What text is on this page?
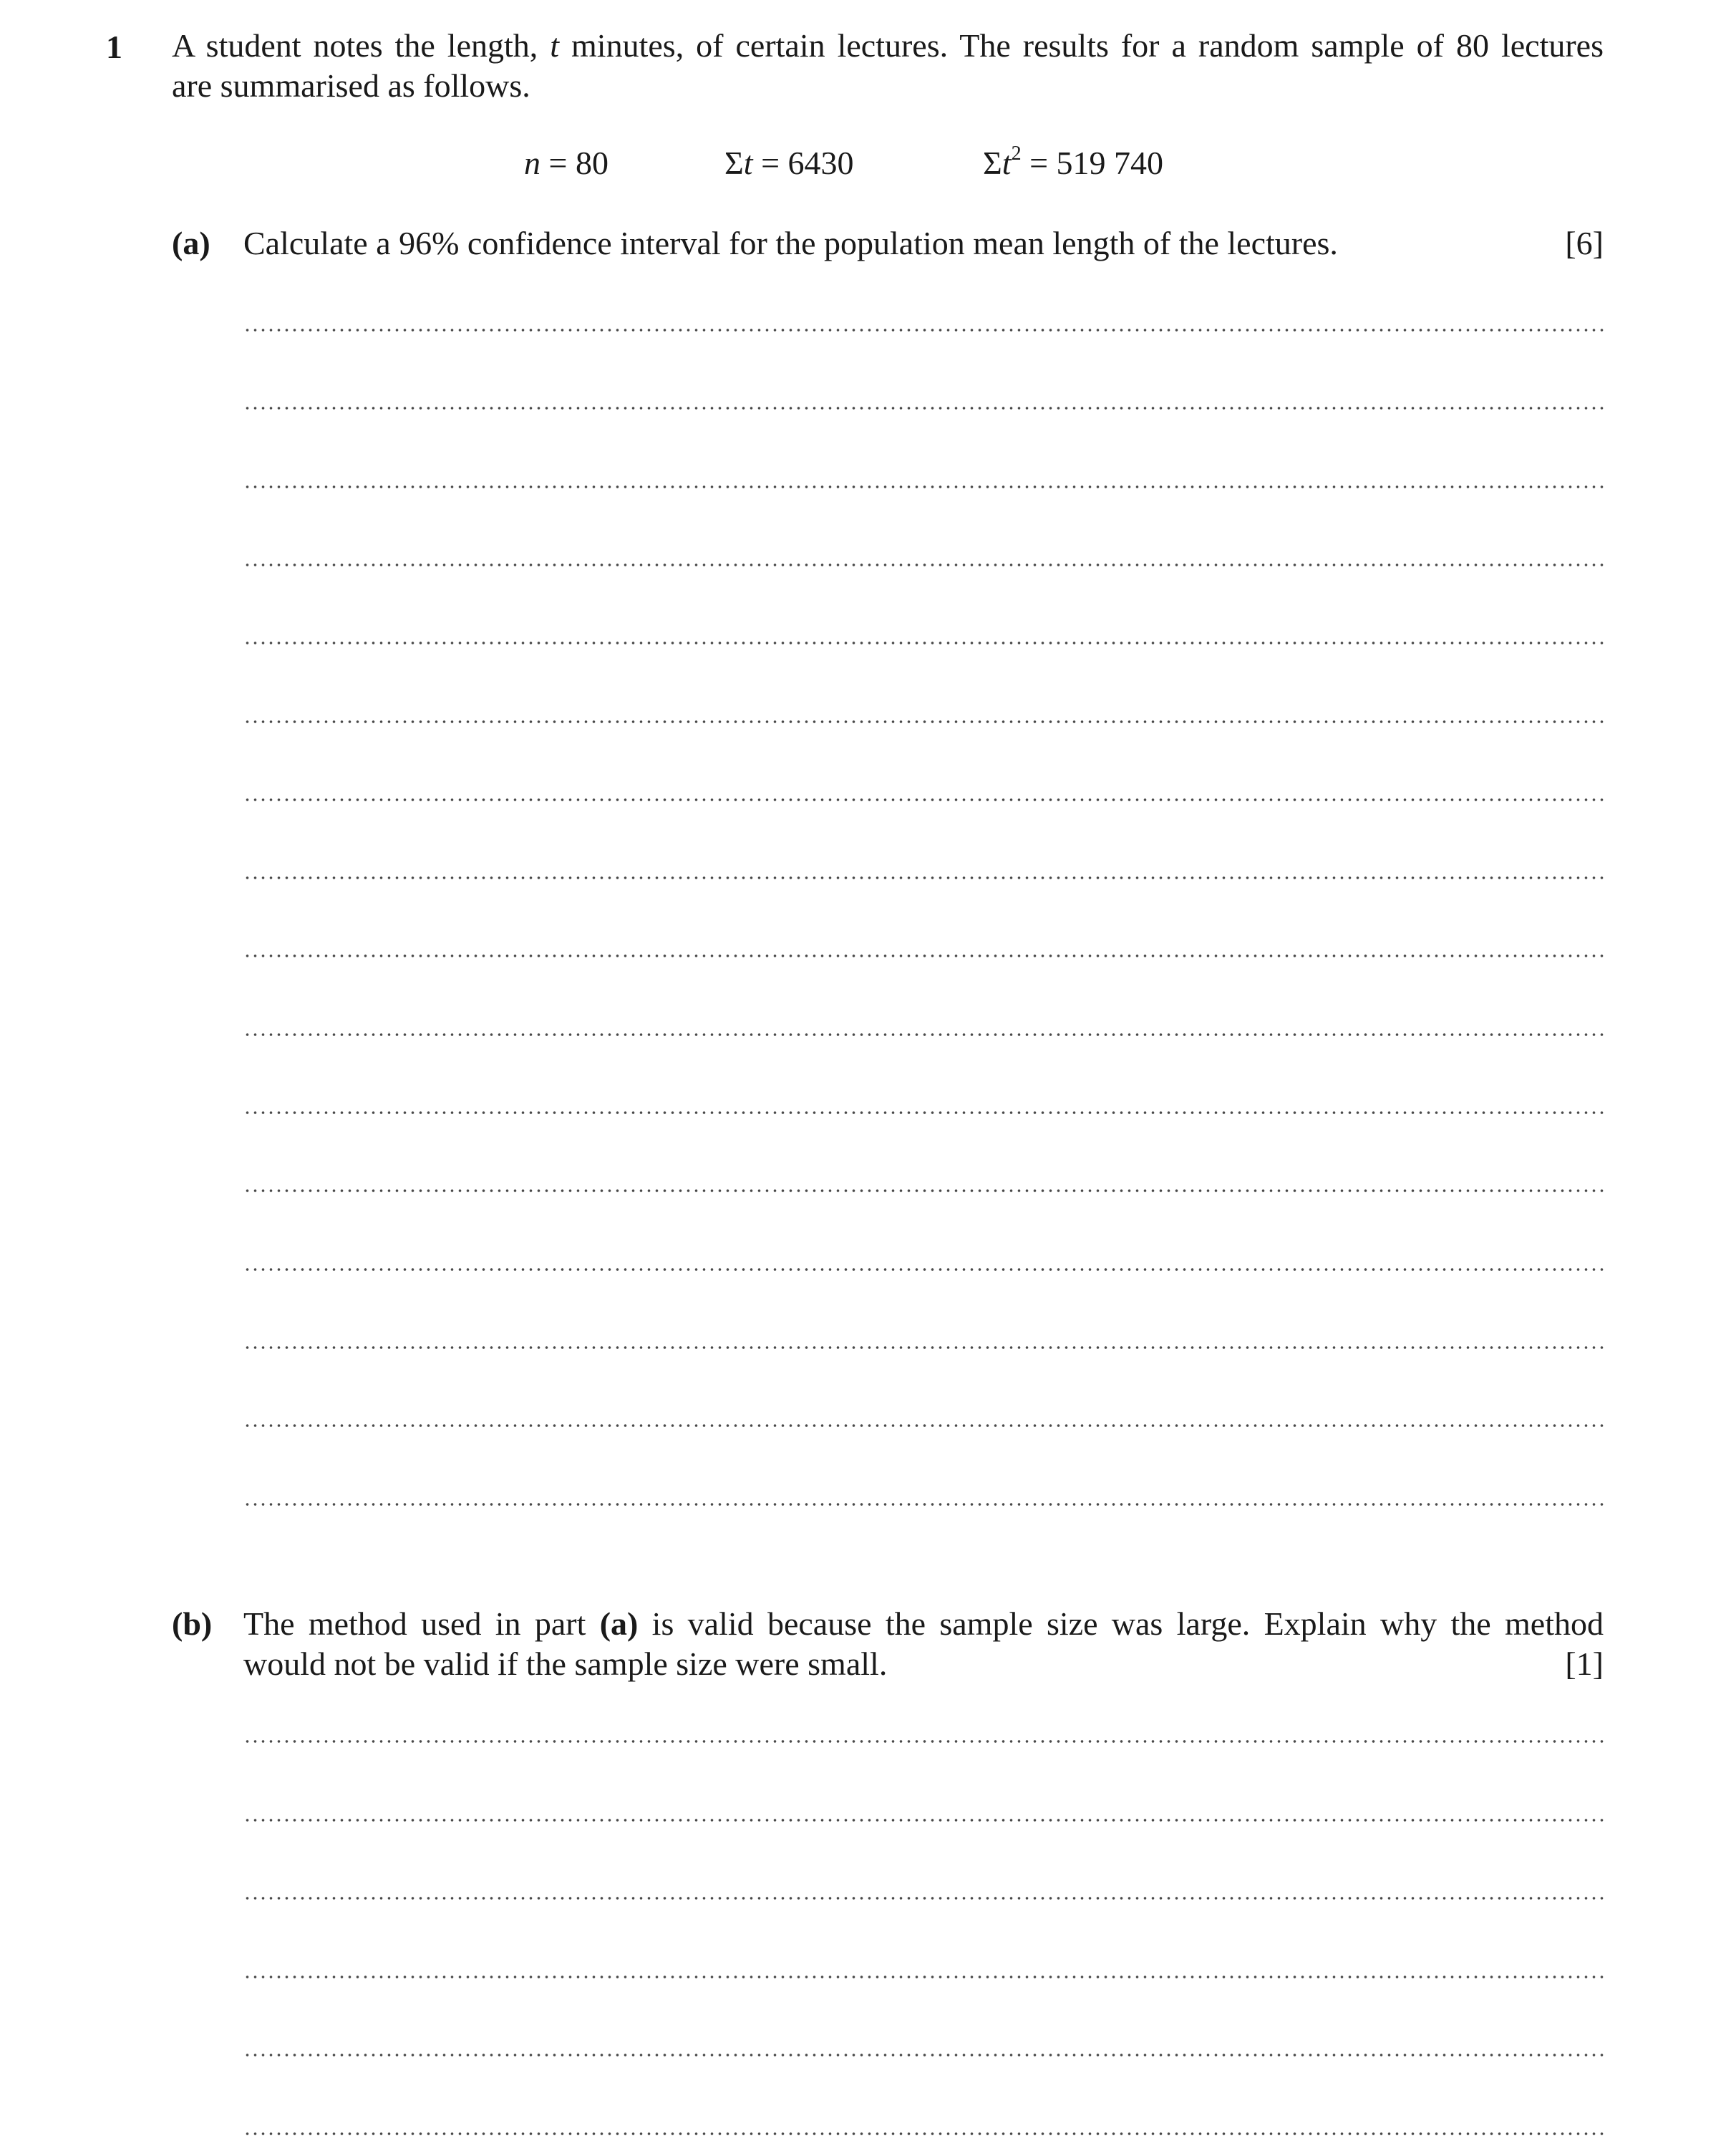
1 A student notes the length, t minutes, of certain lectures. The results for a random sample of 80 lectures
are summarised as follows.
n = 80	Σt = 6430	$\Sigma t^2 = 519$ 740
(a) Calculate a 96% confidence interval for the population mean length of the lectures.	[6]
(b) The method used in part (a) is valid because the sample size was large. Explain why the method
would not be valid if the sample size were small.	[1]
